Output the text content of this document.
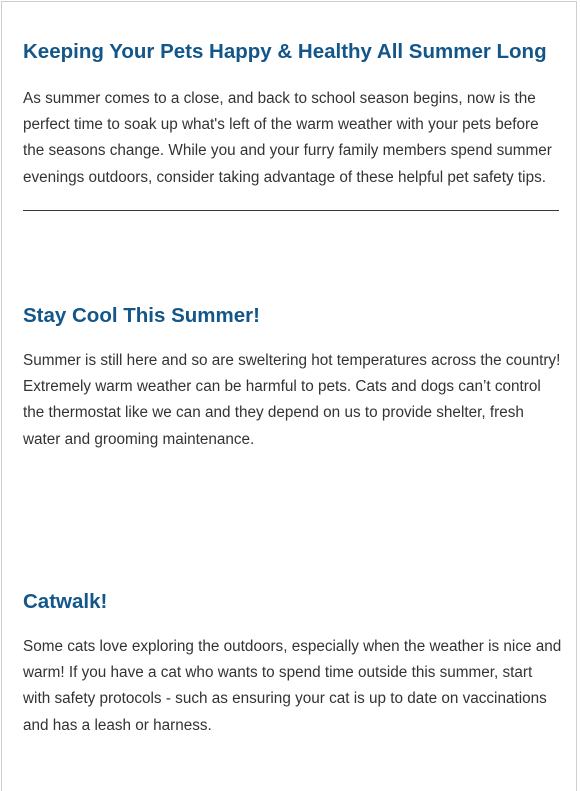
Keeping Your Pets Happy & Healthy All Summer Long

As summer comes to a close, and back to school season begins, now is the perfect time to soak up what's left of the warm weather with your pets before the seasons change. While you and your furry family members spend summer evenings outdoors, consider taking advantage of these helpful pet safety tips.

Stay Cool This Summer!

Summer is still here and so are sweltering hot temperatures across the country! Extremely warm weather can be harmful to pets. Cats and dogs can’t control the thermostat like we can and they depend on us to provide shelter, fresh water and grooming maintenance.

Catwalk!

Some cats love exploring the outdoors, especially when the weather is nice and warm! If you have a cat who wants to spend time outside this summer, start with safety protocols - such as ensuring your cat is up to date on vaccinations and has a leash or harness.
